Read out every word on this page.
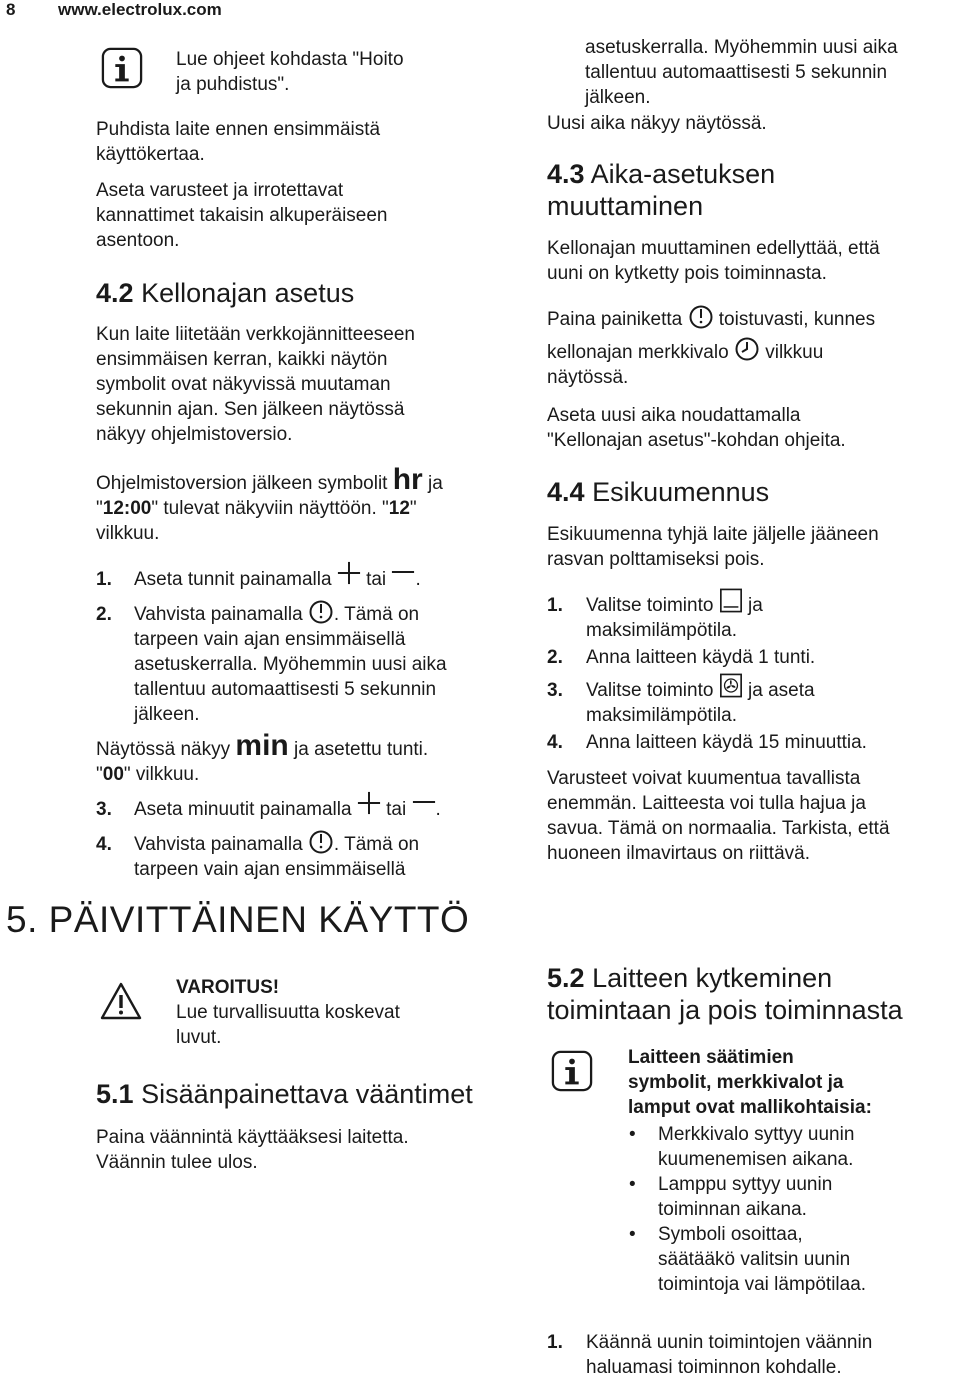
8	www.electrolux.com
Lue ohjeet kohdasta "Hoito
ja puhdistus".
Puhdista laite ennen ensimmäistä
käyttökertaa.
Aseta varusteet ja irrotettavat
kannattimet takaisin alkuperäiseen
asentoon.
4.2 Kellonajan asetus
Kun laite liitetään verkkojännitteeseen
ensimmäisen kerran, kaikki näytön
symbolit ovat näkyvissä muutaman
sekunnin ajan. Sen jälkeen näytössä
näkyy ohjelmistoversio.
Ohjelmistoversion jälkeen symbolit hr ja
"12:00" tulevat näkyviin näyttöön. "12"
vilkkuu.
1. Aseta tunnit painamalla tai .
2. Vahvista painamalla . Tämä on
tarpeen vain ajan ensimmäisellä
asetuskerralla. Myöhemmin uusi aika
tallentuu automaattisesti 5 sekunnin
jälkeen.
Näytössä näkyy min ja asetettu tunti.
"00" vilkkuu.
3. Aseta minuutit painamalla tai .
4. Vahvista painamalla . Tämä on
tarpeen vain ajan ensimmäisellä
5. PÄIVITTÄINEN KÄYTTÖ
VAROITUS!
Lue turvallisuutta koskevat
luvut.
5.1 Sisäänpainettava vääntimet
Paina väännintä käyttääksesi laitetta.
Väännin tulee ulos.
asetuskerralla. Myöhemmin uusi aika
tallentuu automaattisesti 5 sekunnin
jälkeen.
Uusi aika näkyy näytössä.
4.3 Aika-asetuksen
muuttaminen
Kellonajan muuttaminen edellyttää, että
uuni on kytketty pois toiminnasta.
Paina painiketta toistuvasti, kunnes
kellonajan merkkivalo vilkkuu
näytössä.
Aseta uusi aika noudattamalla
"Kellonajan asetus"-kohdan ohjeita.
4.4 Esikuumennus
Esikuumenna tyhjä laite jäljelle jääneen
rasvan polttamiseksi pois.
1. Valitse toiminto ja
maksimilämpötila.
2. Anna laitteen käydä 1 tunti.
3. Valitse toiminto ja aseta
maksimilämpötila.
4. Anna laitteen käydä 15 minuuttia.
Varusteet voivat kuumentua tavallista
enemmän. Laitteesta voi tulla hajua ja
savua. Tämä on normaalia. Tarkista, että
huoneen ilmavirtaus on riittävä.
5.2 Laitteen kytkeminen
toimintaan ja pois toiminnasta
Laitteen säätimien
symbolit, merkkivalot ja
lamput ovat mallikohtaisia:
• Merkkivalo syttyy uunin
kuumenemisen aikana.
• Lamppu syttyy uunin
toiminnan aikana.
• Symboli osoittaa,
säätääkö valitsin uunin
toimintoja vai lämpötilaa.
1. Käännä uunin toimintojen väännin
haluamasi toiminnon kohdalle.
